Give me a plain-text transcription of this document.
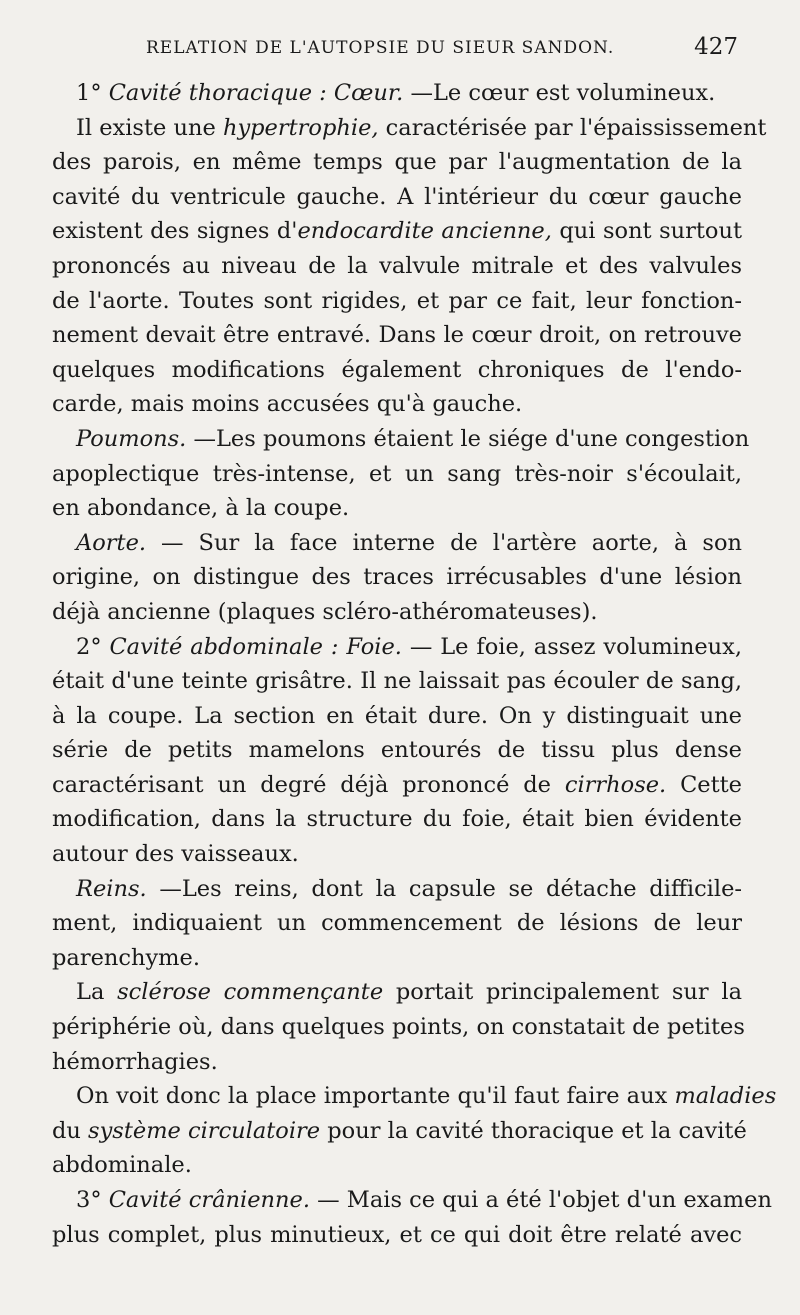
RELATION DE L'AUTOPSIE DU SIEUR SANDON.	427
1° Cavité thoracique : Cœur. —Le cœur est volumineux.
Il existe une hypertrophie, caractérisée par l'épaississement
des parois, en même temps que par l'augmentation de la
cavité du ventricule gauche. A l'intérieur du cœur gauche
existent des signes d'endocardite ancienne, qui sont surtout
prononcés au niveau de la valvule mitrale et des valvules
de l'aorte. Toutes sont rigides, et par ce fait, leur fonction-
nement devait être entravé. Dans le cœur droit, on retrouve
quelques modifications également chroniques de l'endo-
carde, mais moins accusées qu'à gauche.
Poumons. —Les poumons étaient le siége d'une congestion
apoplectique très-intense, et un sang très-noir s'écoulait,
en abondance, à la coupe.
Aorte. — Sur la face interne de l'artère aorte, à son
origine, on distingue des traces irrécusables d'une lésion
déjà ancienne (plaques scléro-athéromateuses).
2° Cavité abdominale : Foie. — Le foie, assez volumineux,
était d'une teinte grisâtre. Il ne laissait pas écouler de sang,
à la coupe. La section en était dure. On y distinguait une
série de petits mamelons entourés de tissu plus dense
caractérisant un degré déjà prononcé de cirrhose. Cette
modification, dans la structure du foie, était bien évidente
autour des vaisseaux.
Reins. —Les reins, dont la capsule se détache difficile-
ment, indiquaient un commencement de lésions de leur
parenchyme.
La sclérose commençante portait principalement sur la
périphérie où, dans quelques points, on constatait de petites
hémorrhagies.
On voit donc la place importante qu'il faut faire aux maladies
du système circulatoire pour la cavité thoracique et la cavité
abdominale.
3° Cavité crânienne. — Mais ce qui a été l'objet d'un examen
plus complet, plus minutieux, et ce qui doit être relaté avec
